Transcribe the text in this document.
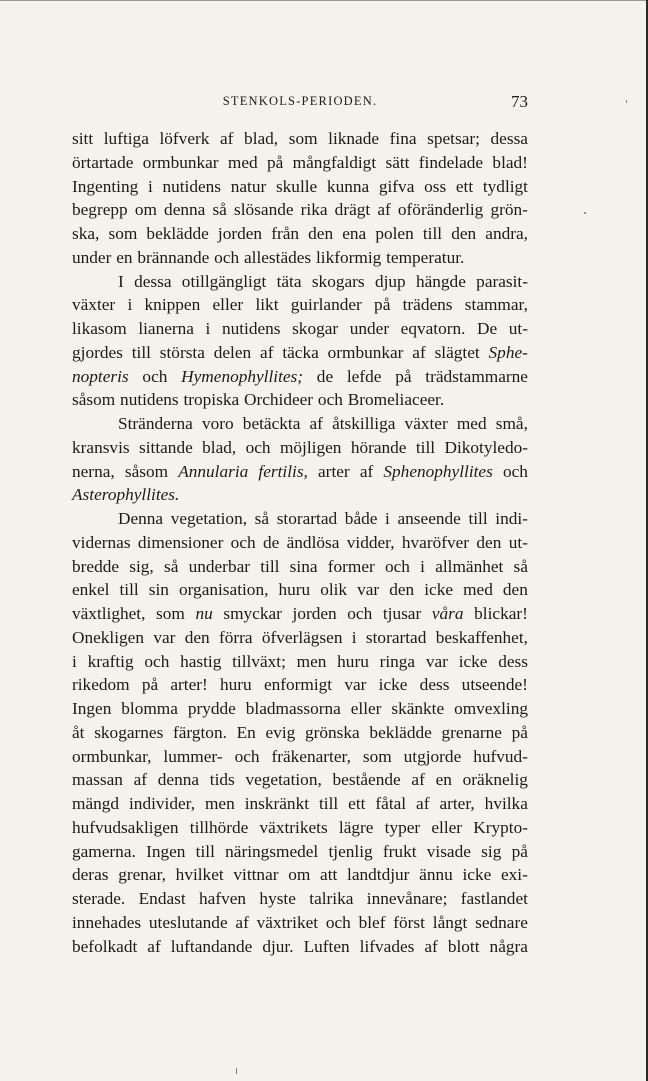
STENKOLS-PERIODEN.	73
sitt luftiga löfverk af blad, som liknade fina spetsar; dessa
örtartade ormbunkar med på mångfaldigt sätt findelade blad!
Ingenting i nutidens natur skulle kunna gifva oss ett tydligt
begrepp om denna så slösande rika drägt af oföränderlig grön-
ska, som beklädde jorden från den ena polen till den andra,
under en brännande och allestädes likformig temperatur.
I dessa otillgängligt täta skogars djup hängde parasit-
växter i knippen eller likt guirlander på trädens stammar,
likasom lianerna i nutidens skogar under eqvatorn. De ut-
gjordes till största delen af täcka ormbunkar af slägtet Sphe-
nopteris och Hymenophyllites; de lefde på trädstammarne
såsom nutidens tropiska Orchideer och Bromeliaceer.
Stränderna voro betäckta af åtskilliga växter med små,
kransvis sittande blad, och möjligen hörande till Dikotyledo-
nerna, såsom Annularia fertilis, arter af Sphenophyllites och
Asterophyllites.
Denna vegetation, så storartad både i anseende till indi-
vidernas dimensioner och de ändlösa vidder, hvaröfver den ut-
bredde sig, så underbar till sina former och i allmänhet så
enkel till sin organisation, huru olik var den icke med den
växtlighet, som nu smyckar jorden och tjusar våra blickar!
Onekligen var den förra öfverlägsen i storartad beskaffenhet,
i kraftig och hastig tillväxt; men huru ringa var icke dess
rikedom på arter! huru enformigt var icke dess utseende!
Ingen blomma prydde bladmassorna eller skänkte omvexling
åt skogarnes färgton. En evig grönska beklädde grenarne på
ormbunkar, lummer- och fräkenarter, som utgjorde hufvud-
massan af denna tids vegetation, bestående af en oräknelig
mängd individer, men inskränkt till ett fåtal af arter, hvilka
hufvudsakligen tillhörde växtrikets lägre typer eller Krypto-
gamerna. Ingen till näringsmedel tjenlig frukt visade sig på
deras grenar, hvilket vittnar om att landtdjur ännu icke exi-
sterade. Endast hafven hyste talrika innevånare; fastlandet
innehades uteslutande af växtriket och blef först långt sednare
befolkadt af luftandande djur. Luften lifvades af blott några
